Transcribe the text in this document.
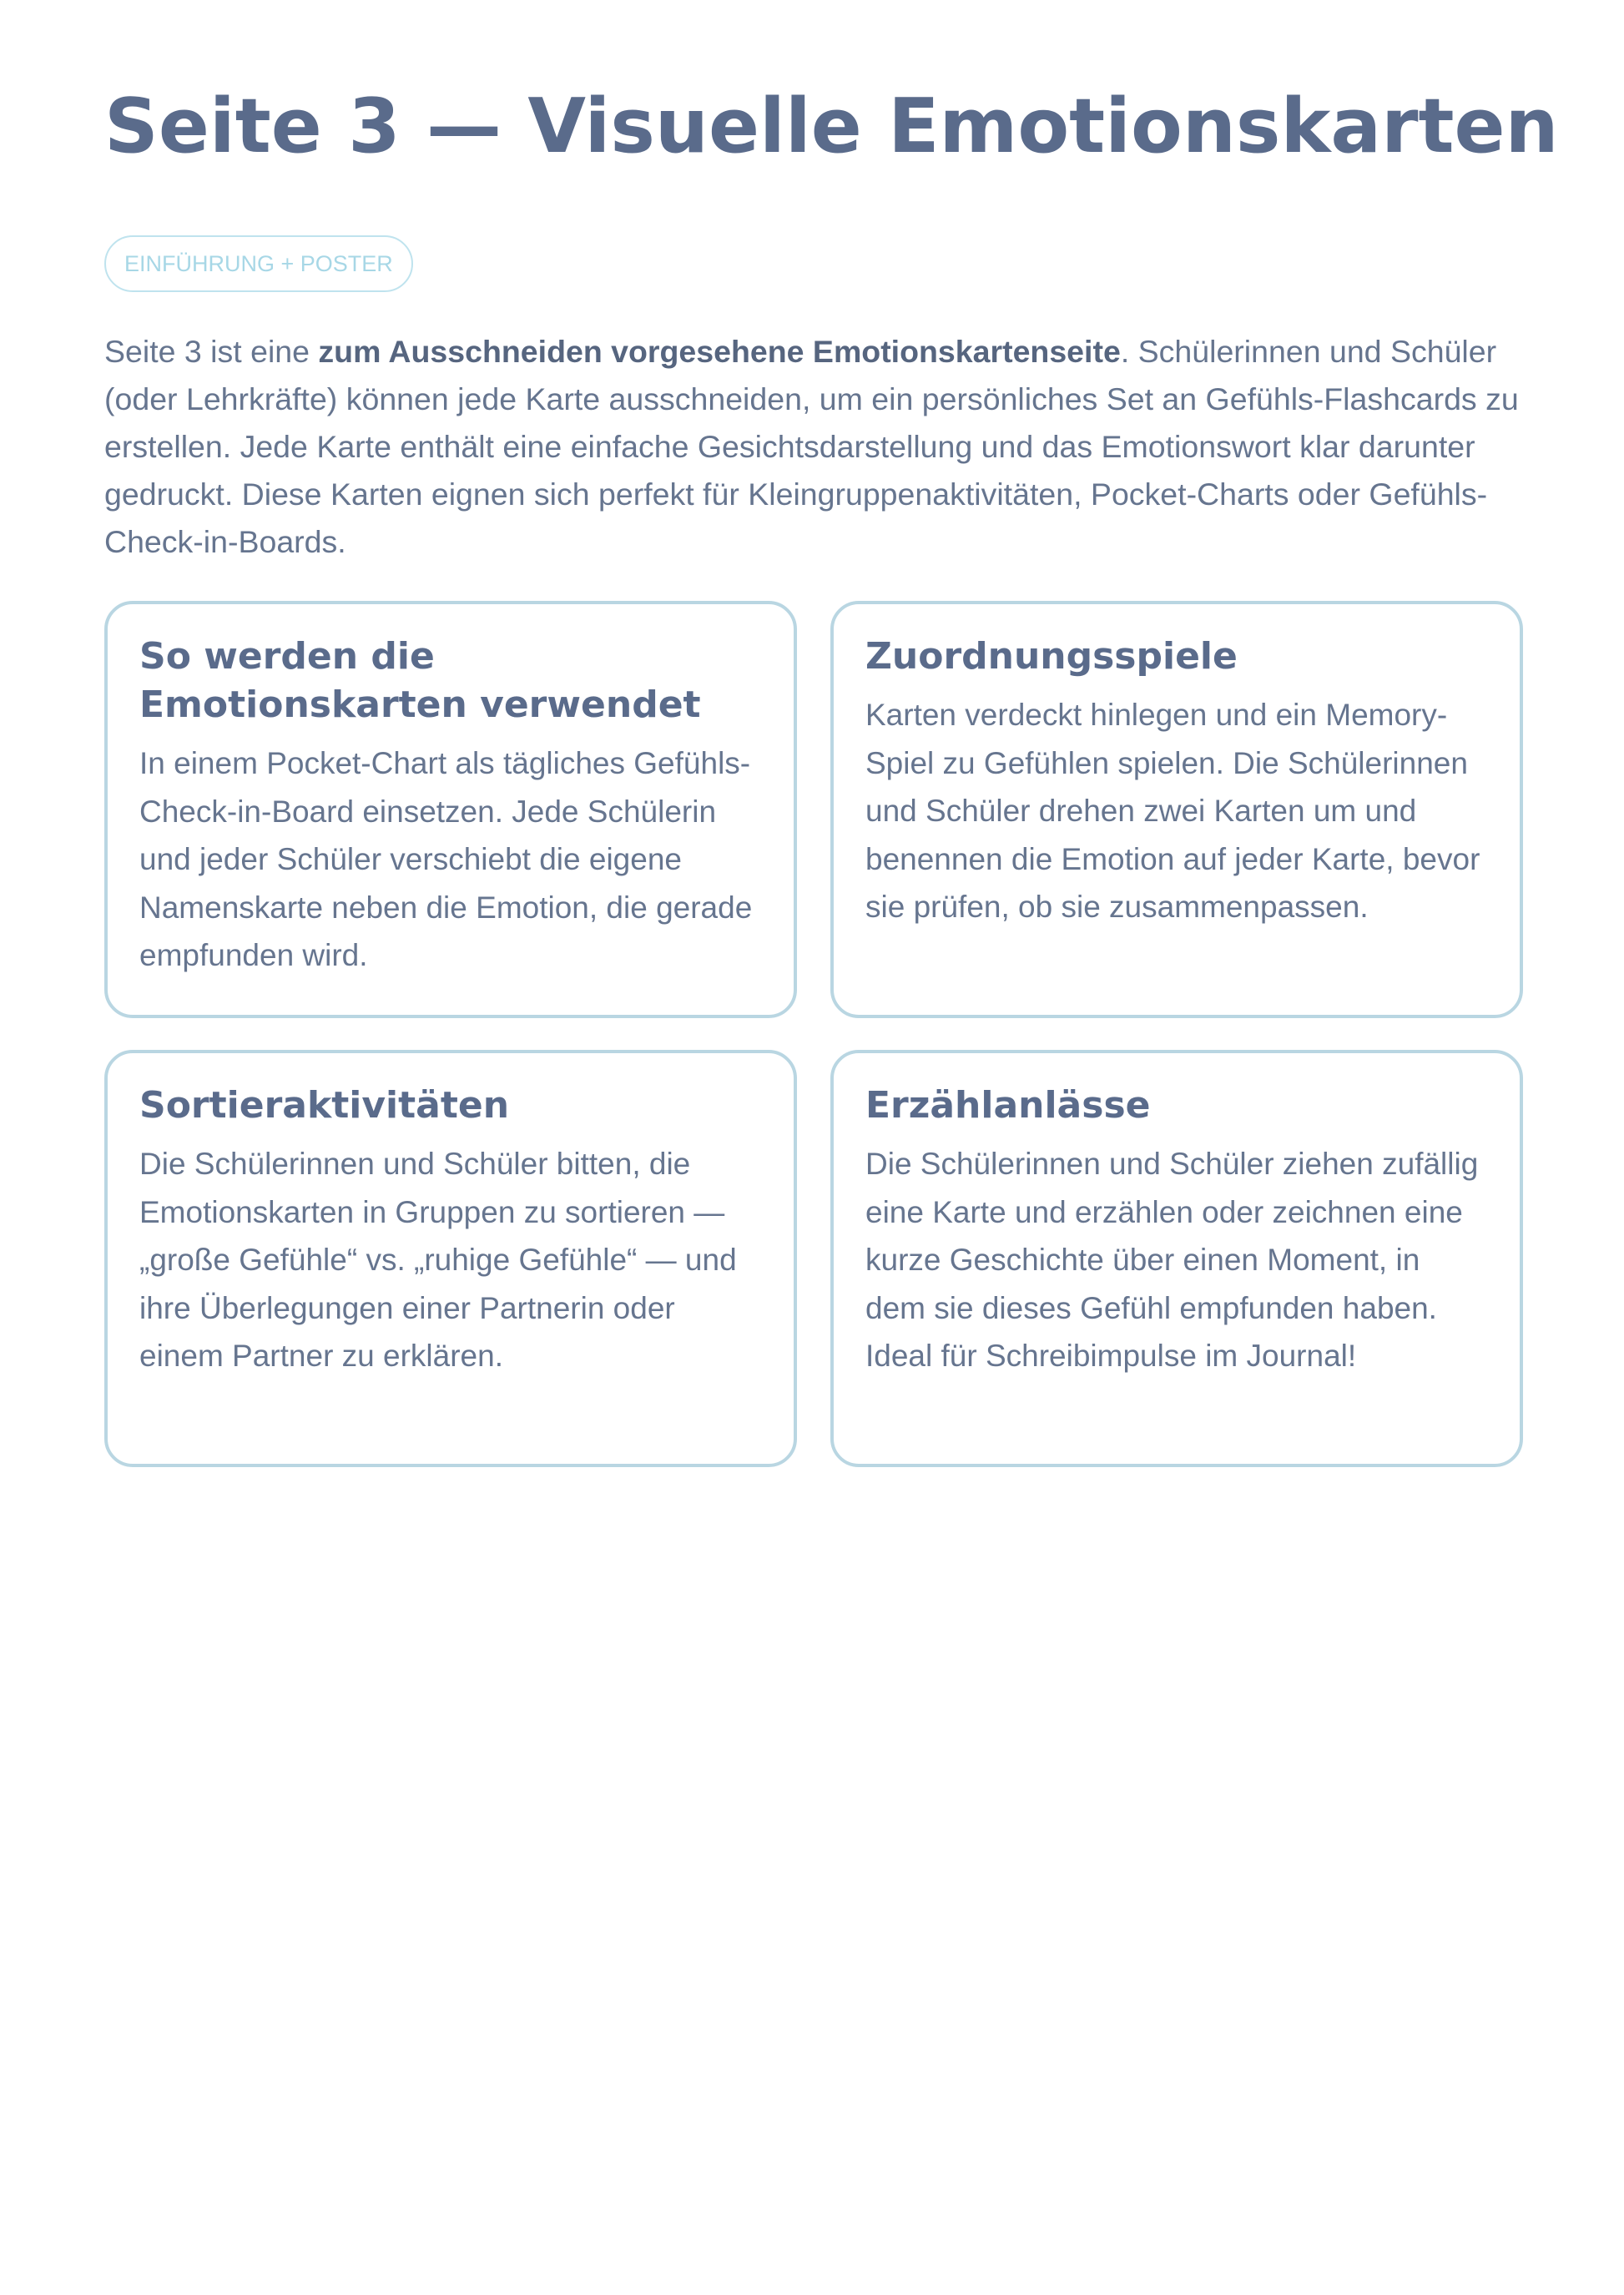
Seite 3 — Visuelle Emotionskarten
EINFÜHRUNG + POSTER

Seite 3 ist eine zum Ausschneiden vorgesehene Emotionskartenseite. Schülerinnen und Schüler (oder Lehrkräfte) können jede Karte ausschneiden, um ein persönliches Set an Gefühls-Flashcards zu erstellen. Jede Karte enthält eine einfache Gesichtsdarstellung und das Emotionswort klar darunter gedruckt. Diese Karten eignen sich perfekt für Kleingruppenaktivitäten, Pocket-Charts oder Gefühls-Check-in-Boards.

So werden die Emotionskarten verwendet

In einem Pocket-Chart als tägliches Gefühls-Check-in-Board einsetzen. Jede Schülerin und jeder Schüler verschiebt die eigene Namenskarte neben die Emotion, die gerade empfunden wird.

Zuordnungsspiele

Karten verdeckt hinlegen und ein Memory-Spiel zu Gefühlen spielen. Die Schülerinnen und Schüler drehen zwei Karten um und benennen die Emotion auf jeder Karte, bevor sie prüfen, ob sie zusammenpassen.

Sortieraktivitäten

Die Schülerinnen und Schüler bitten, die Emotionskarten in Gruppen zu sortieren — „große Gefühle“ vs. „ruhige Gefühle“ — und ihre Überlegungen einer Partnerin oder einem Partner zu erklären.

Erzählanlässe

Die Schülerinnen und Schüler ziehen zufällig eine Karte und erzählen oder zeichnen eine kurze Geschichte über einen Moment, in dem sie dieses Gefühl empfunden haben. Ideal für Schreibimpulse im Journal!
